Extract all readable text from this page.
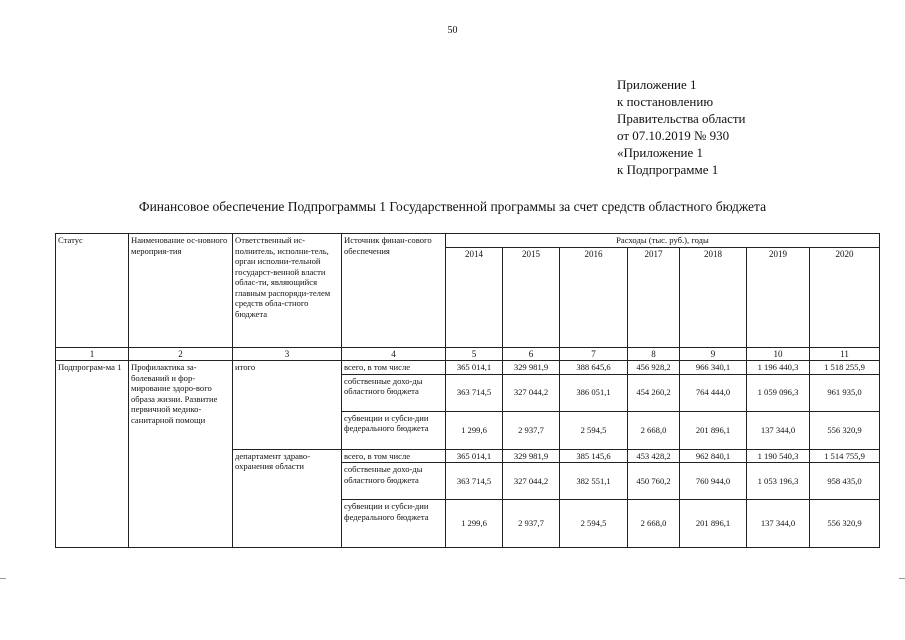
50
Приложение 1
к постановлению
Правительства области
от 07.10.2019 № 930
«Приложение 1
к Подпрограмме 1
Финансовое обеспечение Подпрограммы 1 Государственной программы за счет средств областного бюджета
Статус	Наименование ос-новного мероприя-тия	Ответственный ис-полнитель, исполни-тель, орган исполни-тельной государст-венной власти облас-ти, являющийся главным распоряди-телем средств обла-стного бюджета	Источник финан-сового обеспечения	Расходы (тыс. руб.), годы						
				2014	2015	2016	2017	2018	2019	2020
1	2	3	4	5	6	7	8	9	10	11
Подпрограм-ма 1	Профилактика за-болеваний и фор-мирование здоро-вого образа жизни. Развитие первичной медико-санитарной помощи	итого	всего, в том числе	365 014,1	329 981,9	388 645,6	456 928,2	966 340,1	1 196 440,3	1 518 255,9
			собственные дохо-ды областного бюджета	363 714,5	327 044,2	386 051,1	454 260,2	764 444,0	1 059 096,3	961 935,0
			субвенции и субси-дии федерального бюджета	1 299,6	2 937,7	2 594,5	2 668,0	201 896,1	137 344,0	556 320,9
		департамент здраво-охранения области	всего, в том числе	365 014,1	329 981,9	385 145,6	453 428,2	962 840,1	1 190 540,3	1 514 755,9
			собственные дохо-ды областного бюджета	363 714,5	327 044,2	382 551,1	450 760,2	760 944,0	1 053 196,3	958 435,0
			субвенции и субси-дии федерального бюджета	1 299,6	2 937,7	2 594,5	2 668,0	201 896,1	137 344,0	556 320,9
